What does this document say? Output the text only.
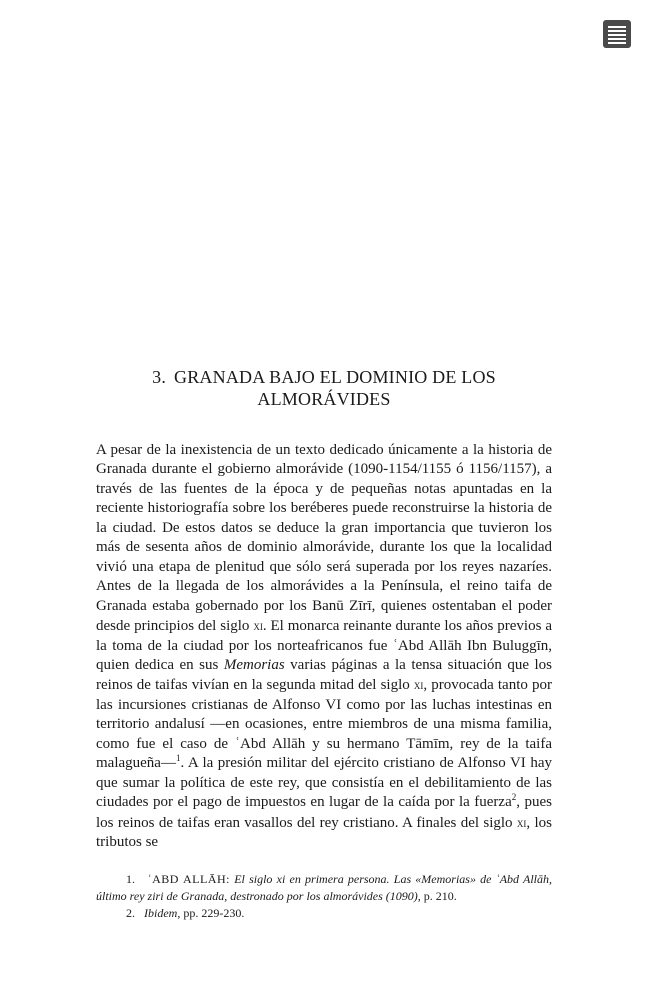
3. GRANADA BAJO EL DOMINIO DE LOS
ALMORÁVIDES

A pesar de la inexistencia de un texto dedicado únicamente a la historia de Granada durante el gobierno almorávide (1090-1154/1155 ó 1156/1157), a través de las fuentes de la época y de pequeñas notas apuntadas en la reciente historiografía sobre los beréberes puede reconstruirse la historia de la ciudad. De estos datos se deduce la gran importancia que tuvieron los más de sesenta años de dominio almorávide, durante los que la localidad vivió una etapa de plenitud que sólo será superada por los reyes nazaríes. Antes de la llegada de los almorávides a la Península, el reino taifa de Granada estaba gobernado por los Banū Zīrī, quienes ostentaban el poder desde principios del siglo xi. El monarca reinante durante los años previos a la toma de la ciudad por los norteafricanos fue ʿAbd Allāh Ibn Buluggīn, quien dedica en sus Memorias varias páginas a la tensa situación que los reinos de taifas vivían en la segunda mitad del siglo xi, provocada tanto por las incursiones cristianas de Alfonso VI como por las luchas intestinas en territorio andalusí —en ocasiones, entre miembros de una misma familia, como fue el caso de ʿAbd Allāh y su hermano Tāmīm, rey de la taifa malagueña—$^1$. A la presión militar del ejército cristiano de Alfonso VI hay que sumar la política de este rey, que consistía en el debilitamiento de las ciudades por el pago de impuestos en lugar de la caída por la fuerza$^2$, pues los reinos de taifas eran vasallos del rey cristiano. A finales del siglo xi, los tributos se

1. ʿABD ALLĀH: El siglo xi en primera persona. Las «Memorias» de ʿAbd Allāh, último rey ziri de Granada, destronado por los almorávides (1090), p. 210.

2. Ibidem, pp. 229-230.
